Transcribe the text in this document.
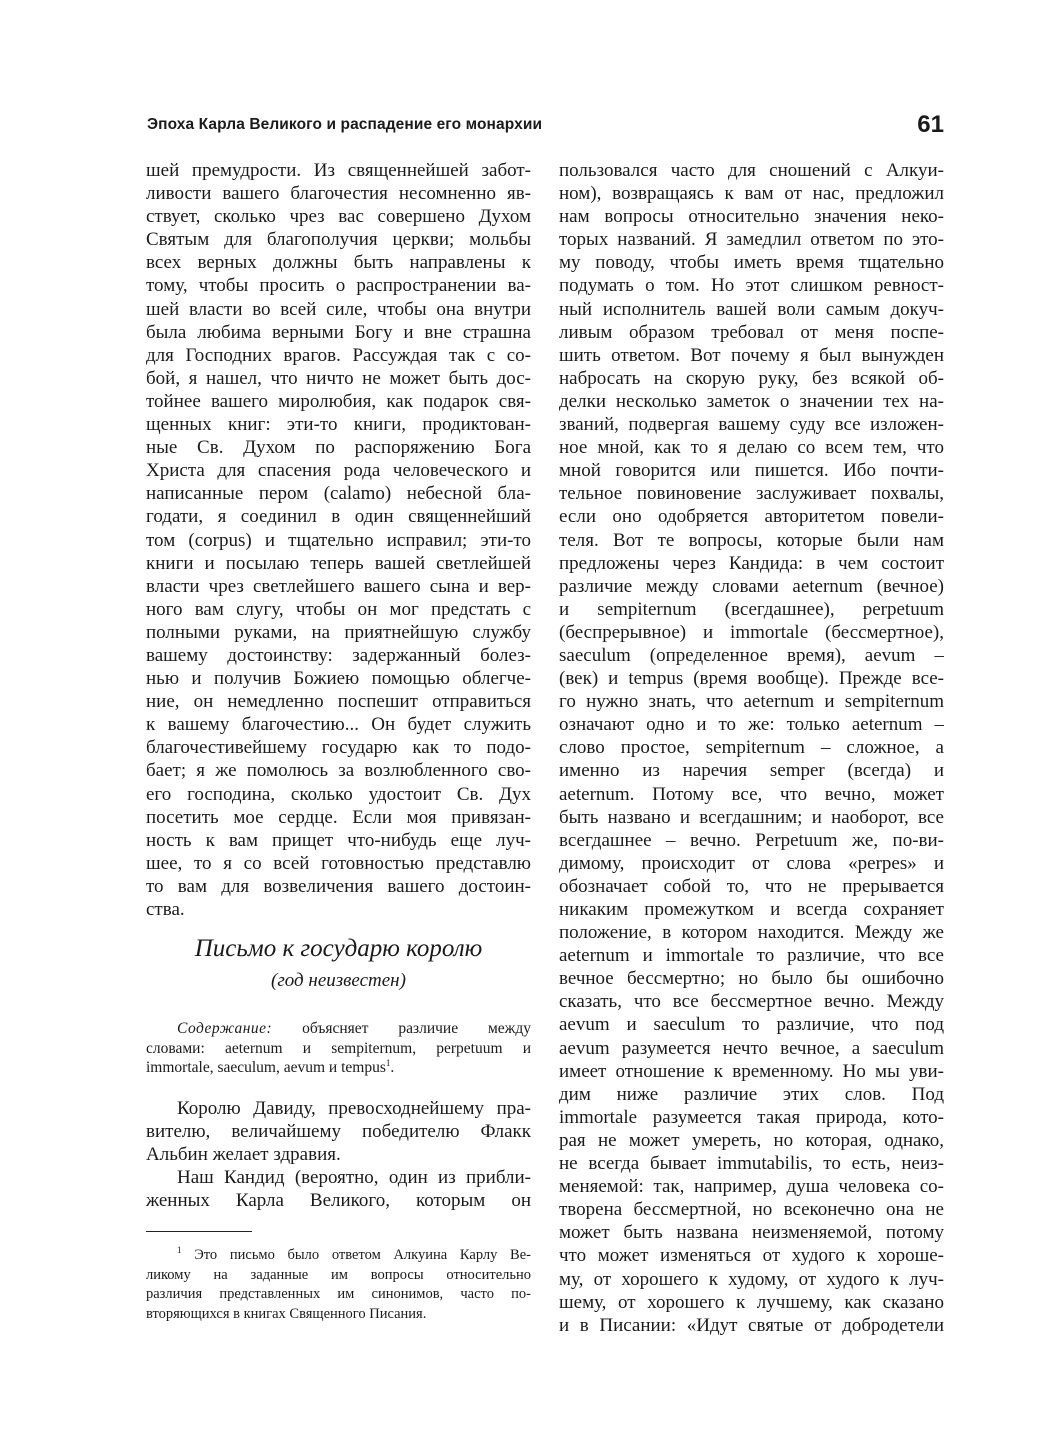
Эпоха Карла Великого и распадение его монархии	61
шей премудрости. Из священнейшей забот-
ливости вашего благочестия несомненно яв-
ствует, сколько чрез вас совершено Духом
Святым для благополучия церкви; мольбы
всех верных должны быть направлены к
тому, чтобы просить о распространении ва-
шей власти во всей силе, чтобы она внутри
была любима верными Богу и вне страшна
для Господних врагов. Рассуждая так с со-
бой, я нашел, что ничто не может быть дос-
тойнее вашего миролюбия, как подарок свя-
щенных книг: эти-то книги, продиктован-
ные Св. Духом по распоряжению Бога
Христа для спасения рода человеческого и
написанные пером (calamo) небесной бла-
годати, я соединил в один священнейший
том (corpus) и тщательно исправил; эти-то
книги и посылаю теперь вашей светлейшей
власти чрез светлейшего вашего сына и вер-
ного вам слугу, чтобы он мог предстать с
полными руками, на приятнейшую службу
вашему достоинству: задержанный болез-
нью и получив Божиею помощью облегче-
ние, он немедленно поспешит отправиться
к вашему благочестию... Он будет служить
благочестивейшему государю как то подо-
бает; я же помолюсь за возлюбленного сво-
его господина, сколько удостоит Св. Дух
посетить мое сердце. Если моя привязан-
ность к вам прищет что-нибудь еще луч-
шее, то я со всей готовностью представлю
то вам для возвеличения вашего достоин-
ства.
Письмо к государю королю
(год неизвестен)
Содержание: объясняет различие между
словами: aeternum и sempiternum, perpetuum и
immortale, saeculum, aevum и tempus$^1$.
Королю Давиду, превосходнейшему пра-
вителю, величайшему победителю Флакк
Альбин желает здравия.
Наш Кандид (вероятно, один из прибли-
женных Карла Великого, которым он
$^1$ Это письмо было ответом Алкуина Карлу Ве-
ликому на заданные им вопросы относительно
различия представленных им синонимов, часто по-
вторяющихся в книгах Священного Писания.
пользовался часто для сношений с Алкуи-
ном), возвращаясь к вам от нас, предложил
нам вопросы относительно значения неко-
торых названий. Я замедлил ответом по это-
му поводу, чтобы иметь время тщательно
подумать о том. Но этот слишком ревност-
ный исполнитель вашей воли самым докуч-
ливым образом требовал от меня поспе-
шить ответом. Вот почему я был вынужден
набросать на скорую руку, без всякой об-
делки несколько заметок о значении тех на-
званий, подвергая вашему суду все изложен-
ное мной, как то я делаю со всем тем, что
мной говорится или пишется. Ибо почти-
тельное повиновение заслуживает похвалы,
если оно одобряется авторитетом повели-
теля. Вот те вопросы, которые были нам
предложены через Кандида: в чем состоит
различие между словами aeternum (вечное)
и sempiternum (всегдашнее), perpetuum
(беспрерывное) и immortale (бессмертное),
saeculum (определенное время), aevum –
(век) и tempus (время вообще). Прежде все-
го нужно знать, что aeternum и sempiternum
означают одно и то же: только aeternum –
слово простое, sempiternum – сложное, а
именно из наречия semper (всегда) и
aeternum. Потому все, что вечно, может
быть названо и всегдашним; и наоборот, все
всегдашнее – вечно. Perpetuum же, по-ви-
димому, происходит от слова «perpes» и
обозначает собой то, что не прерывается
никаким промежутком и всегда сохраняет
положение, в котором находится. Между же
aeternum и immortale то различие, что все
вечное бессмертно; но было бы ошибочно
сказать, что все бессмертное вечно. Между
aevum и saeculum то различие, что под
aevum разумеется нечто вечное, а saeculum
имеет отношение к временному. Но мы уви-
дим ниже различие этих слов. Под
immortale разумеется такая природа, кото-
рая не может умереть, но которая, однако,
не всегда бывает immutabilis, то есть, неиз-
меняемой: так, например, душа человека со-
творена бессмертной, но всеконечно она не
может быть названа неизменяемой, потому
что может изменяться от худого к хороше-
му, от хорошего к худому, от худого к луч-
шему, от хорошего к лучшему, как сказано
и в Писании: «Идут святые от добродетели
